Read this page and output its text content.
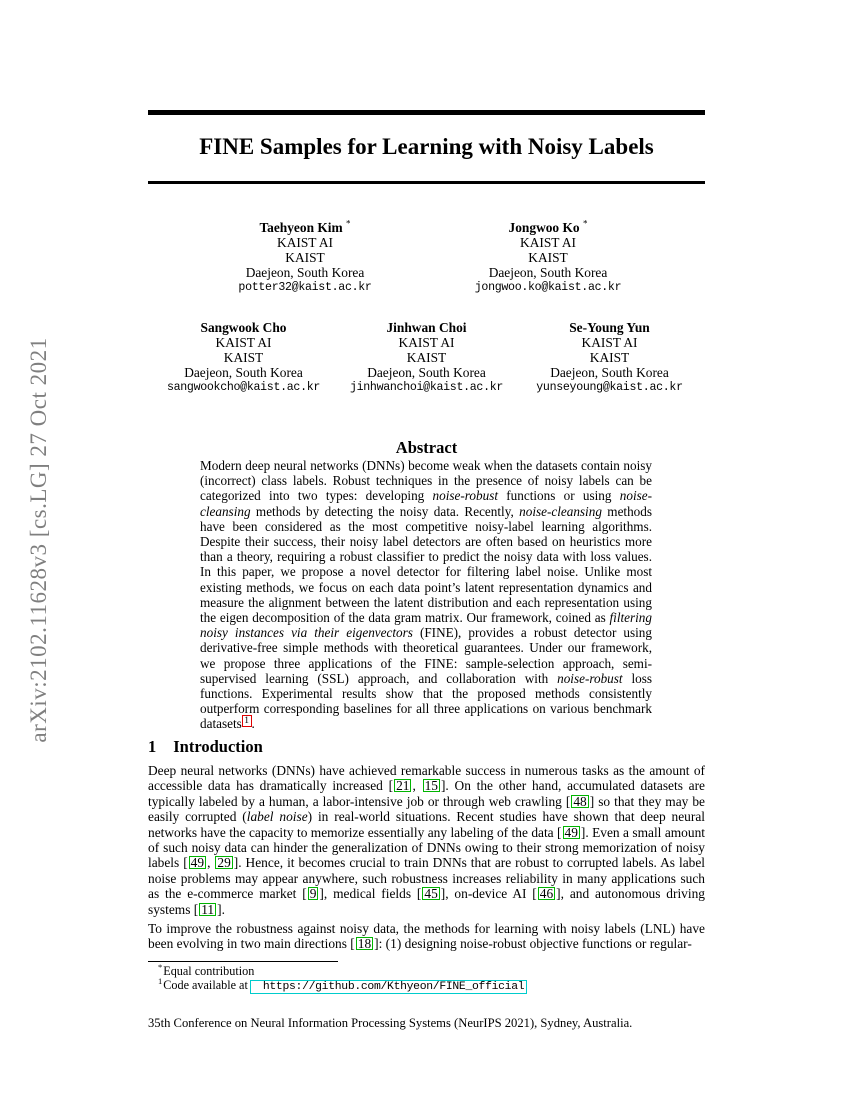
arXiv:2102.11628v3 [cs.LG] 27 Oct 2021
FINE Samples for Learning with Noisy Labels
Taehyeon Kim *
KAIST AI
KAIST
Daejeon, South Korea
potter32@kaist.ac.kr
Jongwoo Ko *
KAIST AI
KAIST
Daejeon, South Korea
jongwoo.ko@kaist.ac.kr
Sangwook Cho
KAIST AI
KAIST
Daejeon, South Korea
sangwookcho@kaist.ac.kr
Jinhwan Choi
KAIST AI
KAIST
Daejeon, South Korea
jinhwanchoi@kaist.ac.kr
Se-Young Yun
KAIST AI
KAIST
Daejeon, South Korea
yunseyoung@kaist.ac.kr
Abstract
Modern deep neural networks (DNNs) become weak when the datasets contain noisy (incorrect) class labels. Robust techniques in the presence of noisy labels can be categorized into two types: developing noise-robust functions or using noise-cleansing methods by detecting the noisy data. Recently, noise-cleansing methods have been considered as the most competitive noisy-label learning algorithms. Despite their success, their noisy label detectors are often based on heuristics more than a theory, requiring a robust classifier to predict the noisy data with loss values. In this paper, we propose a novel detector for filtering label noise. Unlike most existing methods, we focus on each data point’s latent representation dynamics and measure the alignment between the latent distribution and each representation using the eigen decomposition of the data gram matrix. Our framework, coined as filtering noisy instances via their eigenvectors (FINE), provides a robust detector using derivative-free simple methods with theoretical guarantees. Under our framework, we propose three applications of the FINE: sample-selection approach, semi-supervised learning (SSL) approach, and collaboration with noise-robust loss functions. Experimental results show that the proposed methods consistently outperform corresponding baselines for all three applications on various benchmark datasets $^1$ .
1 Introduction
Deep neural networks (DNNs) have achieved remarkable success in numerous tasks as the amount of accessible data has dramatically increased [ 21 , 15 ]. On the other hand, accumulated datasets are typically labeled by a human, a labor-intensive job or through web crawling [ 48 ] so that they may be easily corrupted (label noise) in real-world situations. Recent studies have shown that deep neural networks have the capacity to memorize essentially any labeling of the data [ 49 ]. Even a small amount of such noisy data can hinder the generalization of DNNs owing to their strong memorization of noisy labels [ 49 , 29 ]. Hence, it becomes crucial to train DNNs that are robust to corrupted labels. As label noise problems may appear anywhere, such robustness increases reliability in many applications such as the e-commerce market [ 9 ], medical fields [ 45 ], on-device AI [ 46 ], and autonomous driving systems [ 11 ].
To improve the robustness against noisy data, the methods for learning with noisy labels (LNL) have been evolving in two main directions [ 18 ]: (1) designing noise-robust objective functions or regular-
*Equal contribution
$^1$Code available at https://github.com/Kthyeon/FINE_official
35th Conference on Neural Information Processing Systems (NeurIPS 2021), Sydney, Australia.
